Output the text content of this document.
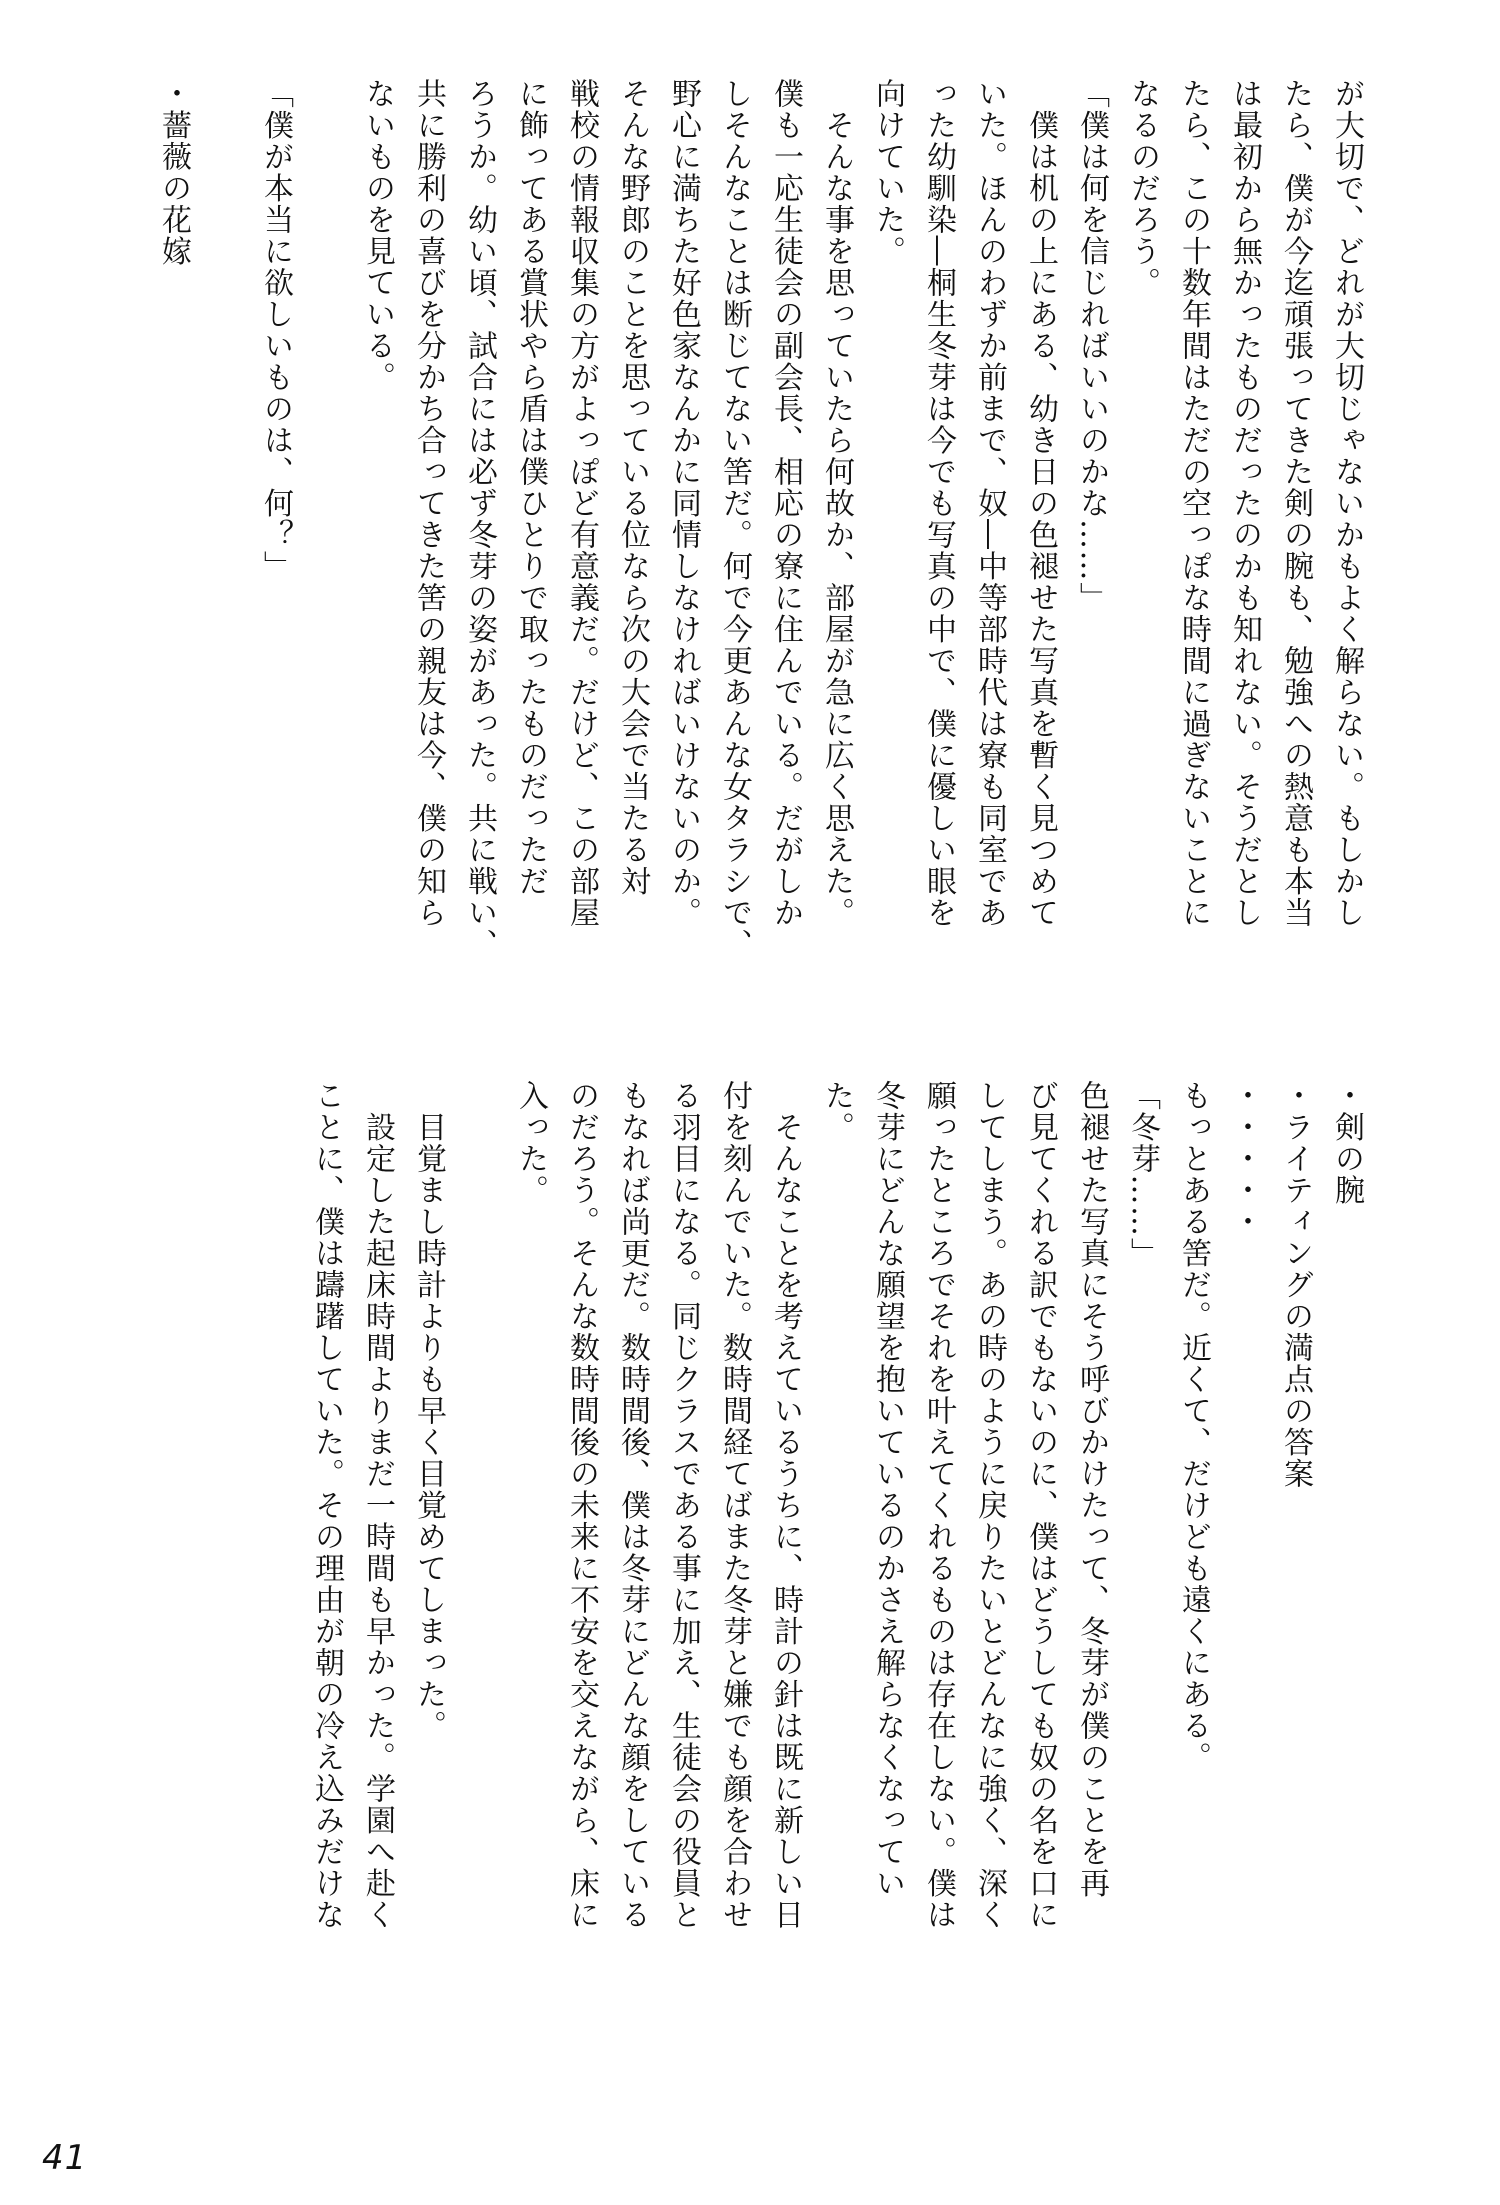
が大切で、どれが大切じゃないかもよく解らない。もしかし

たら、僕が今迄頑張ってきた剣の腕も、勉強への熱意も本当

は最初から無かったものだったのかも知れない。そうだとし

たら、この十数年間はただの空っぽな時間に過ぎないことに

なるのだろう。

「僕は何を信じればいいのかな……」

　僕は机の上にある、幼き日の色褪せた写真を暫く見つめて

いた。ほんのわずか前まで、奴―中等部時代は寮も同室であ

った幼馴染―桐生冬芽は今でも写真の中で、僕に優しい眼を

向けていた。

　そんな事を思っていたら何故か、部屋が急に広く思えた。

僕も一応生徒会の副会長、相応の寮に住んでいる。だがしか

しそんなことは断じてない筈だ。何で今更あんな女タラシで、

野心に満ちた好色家なんかに同情しなければいけないのか。

そんな野郎のことを思っている位なら次の大会で当たる対

戦校の情報収集の方がよっぽど有意義だ。だけど、この部屋

に飾ってある賞状やら盾は僕ひとりで取ったものだっただ

ろうか。幼い頃、試合には必ず冬芽の姿があった。共に戦い、

共に勝利の喜びを分かち合ってきた筈の親友は今、僕の知ら

ないものを見ている。

「僕が本当に欲しいものは、何？」

・薔薇の花嫁

・剣の腕

・ライティングの満点の答案

・・・・・

もっとある筈だ。近くて、だけども遠くにある。

「冬芽……」

色褪せた写真にそう呼びかけたって、冬芽が僕のことを再

び見てくれる訳でもないのに、僕はどうしても奴の名を口に

してしまう。あの時のように戻りたいとどんなに強く、深く

願ったところでそれを叶えてくれるものは存在しない。僕は

冬芽にどんな願望を抱いているのかさえ解らなくなってい

た。

　そんなことを考えているうちに、時計の針は既に新しい日

付を刻んでいた。数時間経てばまた冬芽と嫌でも顔を合わせ

る羽目になる。同じクラスである事に加え、生徒会の役員と

もなれば尚更だ。数時間後、僕は冬芽にどんな顔をしている

のだろう。そんな数時間後の未来に不安を交えながら、床に

入った。

　目覚まし時計よりも早く目覚めてしまった。

　設定した起床時間よりまだ一時間も早かった。学園へ赴く

ことに、僕は躊躇していた。その理由が朝の冷え込みだけな

41
